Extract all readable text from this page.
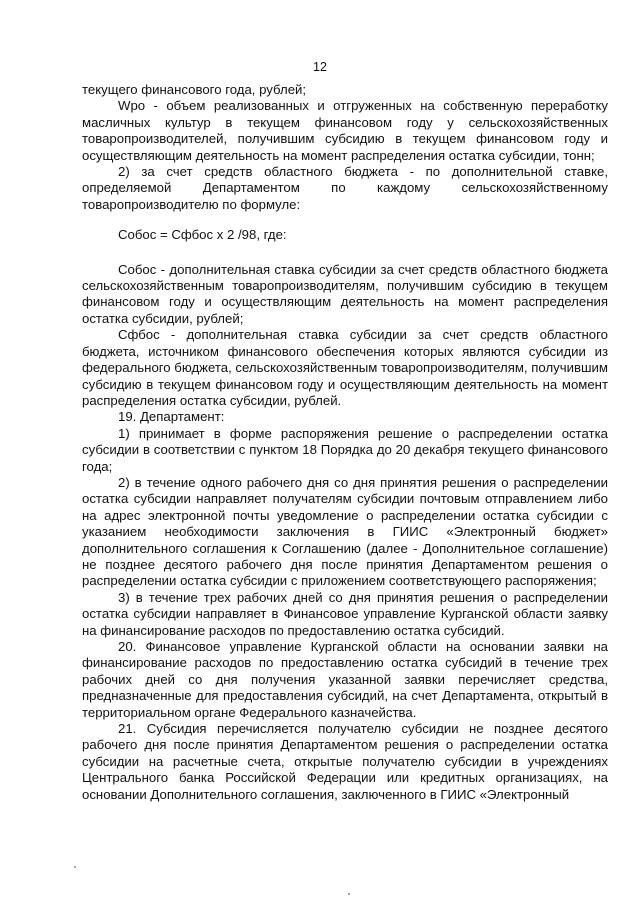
12

текущего финансового года, рублей;

Wpo - объем реализованных и отгруженных на собственную переработку масличных культур в текущем финансовом году у сельскохозяйственных товаропроизводителей, получившим субсидию в текущем финансовом году и осуществляющим деятельность на момент распределения остатка субсидии, тонн;

2) за счет средств областного бюджета - по дополнительной ставке, определяемой Департаментом по каждому сельскохозяйственному товаропроизводителю по формуле:

Собос = Сфбос x 2 /98, где:

Собос - дополнительная ставка субсидии за счет средств областного бюджета сельскохозяйственным товаропроизводителям, получившим субсидию в текущем финансовом году и осуществляющим деятельность на момент распределения остатка субсидии, рублей;

Сфбос - дополнительная ставка субсидии за счет средств областного бюджета, источником финансового обеспечения которых являются субсидии из федерального бюджета, сельскохозяйственным товаропроизводителям, получившим субсидию в текущем финансовом году и осуществляющим деятельность на момент распределения остатка субсидии, рублей.

19. Департамент:

1) принимает в форме распоряжения решение о распределении остатка субсидии в соответствии с пунктом 18 Порядка до 20 декабря текущего финансового года;

2) в течение одного рабочего дня со дня принятия решения о распределении остатка субсидии направляет получателям субсидии почтовым отправлением либо на адрес электронной почты уведомление о распределении остатка субсидии с указанием необходимости заключения в ГИИС «Электронный бюджет» дополнительного соглашения к Соглашению (далее - Дополнительное соглашение) не позднее десятого рабочего дня после принятия Департаментом решения о распределении остатка субсидии с приложением соответствующего распоряжения;

3) в течение трех рабочих дней со дня принятия решения о распределении остатка субсидии направляет в Финансовое управление Курганской области заявку на финансирование расходов по предоставлению остатка субсидий.

20. Финансовое управление Курганской области на основании заявки на финансирование расходов по предоставлению остатка субсидий в течение трех рабочих дней со дня получения указанной заявки перечисляет средства, предназначенные для предоставления субсидий, на счет Департамента, открытый в территориальном органе Федерального казначейства.

21. Субсидия перечисляется получателю субсидии не позднее десятого рабочего дня после принятия Департаментом решения о распределении остатка субсидии на расчетные счета, открытые получателю субсидии в учреждениях Центрального банка Российской Федерации или кредитных организациях, на основании Дополнительного соглашения, заключенного в ГИИС «Электронный
